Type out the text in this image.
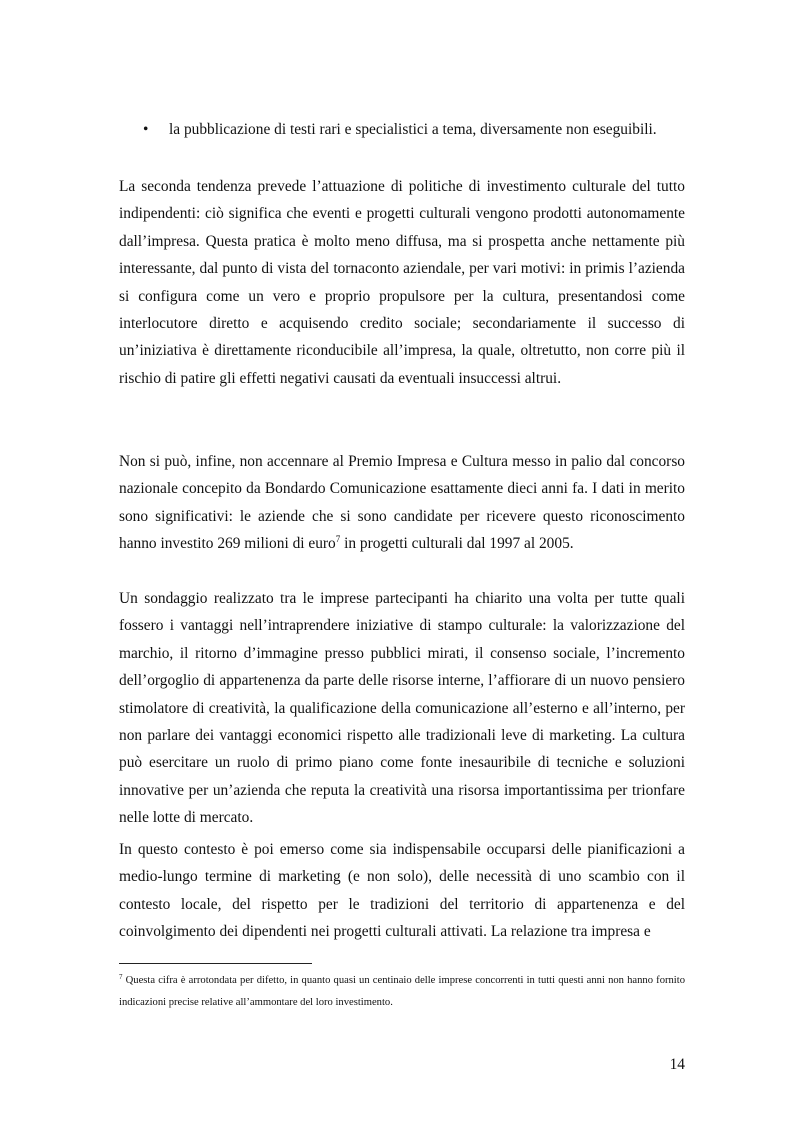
• la pubblicazione di testi rari e specialistici a tema, diversamente non eseguibili.

La seconda tendenza prevede l’attuazione di politiche di investimento culturale del tutto indipendenti: ciò significa che eventi e progetti culturali vengono prodotti autonomamente dall’impresa. Questa pratica è molto meno diffusa, ma si prospetta anche nettamente più interessante, dal punto di vista del tornaconto aziendale, per vari motivi: in primis l’azienda si configura come un vero e proprio propulsore per la cultura, presentandosi come interlocutore diretto e acquisendo credito sociale; secondariamente il successo di un’iniziativa è direttamente riconducibile all’impresa, la quale, oltretutto, non corre più il rischio di patire gli effetti negativi causati da eventuali insuccessi altrui.

Non si può, infine, non accennare al Premio Impresa e Cultura messo in palio dal concorso nazionale concepito da Bondardo Comunicazione esattamente dieci anni fa. I dati in merito sono significativi: le aziende che si sono candidate per ricevere questo riconoscimento hanno investito 269 milioni di euro$^7$ in progetti culturali dal 1997 al 2005.

Un sondaggio realizzato tra le imprese partecipanti ha chiarito una volta per tutte quali fossero i vantaggi nell’intraprendere iniziative di stampo culturale: la valorizzazione del marchio, il ritorno d’immagine presso pubblici mirati, il consenso sociale, l’incremento dell’orgoglio di appartenenza da parte delle risorse interne, l’affiorare di un nuovo pensiero stimolatore di creatività, la qualificazione della comunicazione all’esterno e all’interno, per non parlare dei vantaggi economici rispetto alle tradizionali leve di marketing. La cultura può esercitare un ruolo di primo piano come fonte inesauribile di tecniche e soluzioni innovative per un’azienda che reputa la creatività una risorsa importantissima per trionfare nelle lotte di mercato.

In questo contesto è poi emerso come sia indispensabile occuparsi delle pianificazioni a medio-lungo termine di marketing (e non solo), delle necessità di uno scambio con il contesto locale, del rispetto per le tradizioni del territorio di appartenenza e del coinvolgimento dei dipendenti nei progetti culturali attivati. La relazione tra impresa e

$^7$ Questa cifra è arrotondata per difetto, in quanto quasi un centinaio delle imprese concorrenti in tutti questi anni non hanno fornito indicazioni precise relative all’ammontare del loro investimento.

14
